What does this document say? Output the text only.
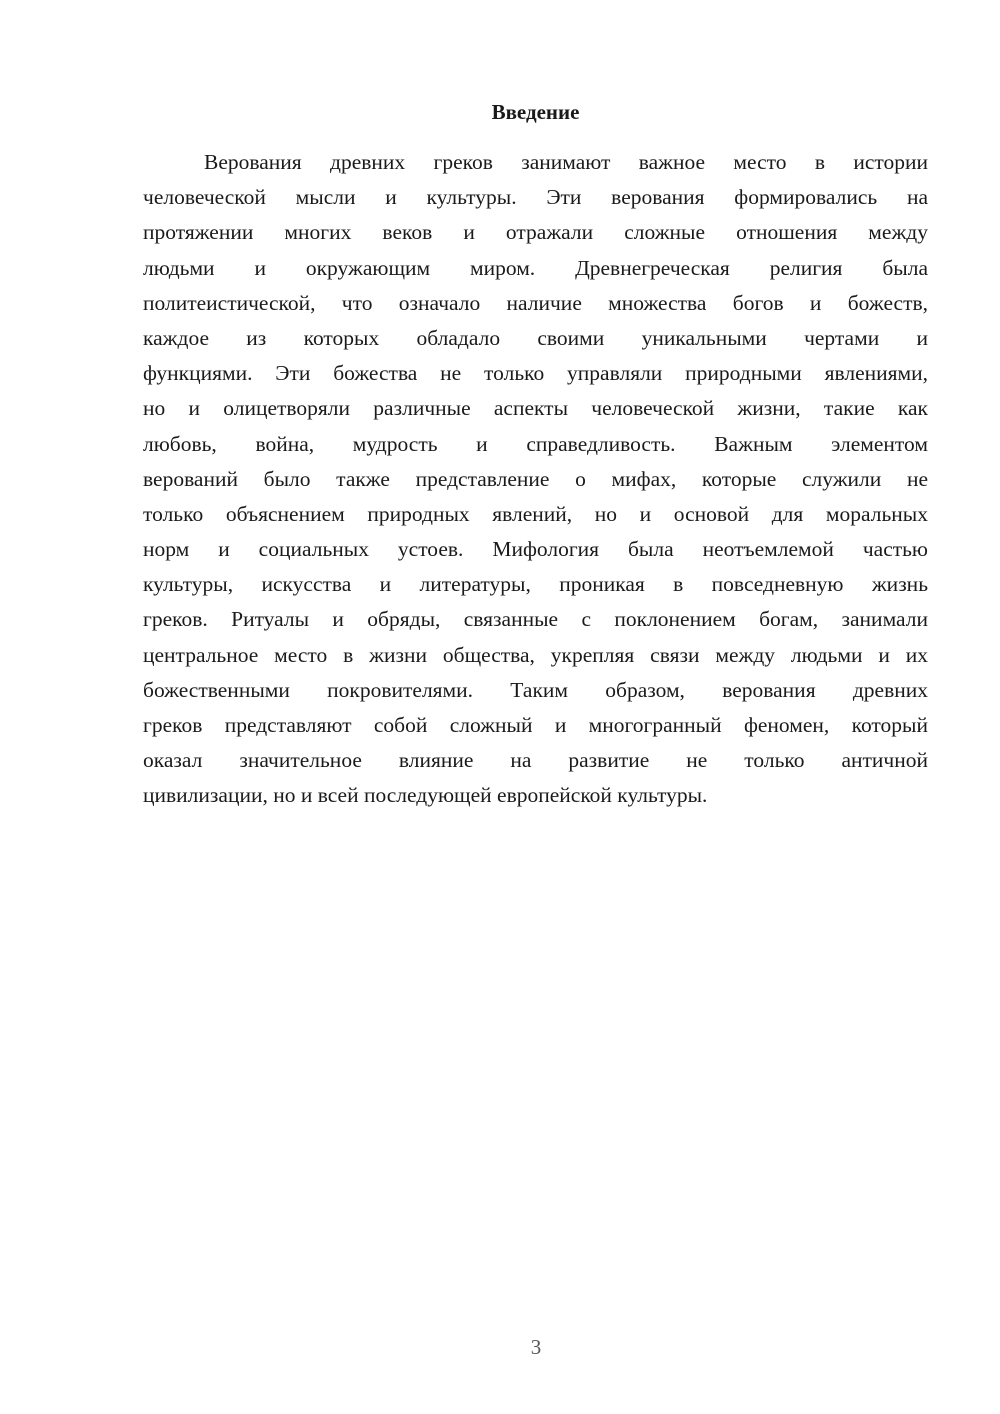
Введение
Верования древних греков занимают важное место в истории
человеческой мысли и культуры. Эти верования формировались на
протяжении многих веков и отражали сложные отношения между
людьми и окружающим миром. Древнегреческая религия была
политеистической, что означало наличие множества богов и божеств,
каждое из которых обладало своими уникальными чертами и
функциями. Эти божества не только управляли природными явлениями,
но и олицетворяли различные аспекты человеческой жизни, такие как
любовь, война, мудрость и справедливость. Важным элементом
верований было также представление о мифах, которые служили не
только объяснением природных явлений, но и основой для моральных
норм и социальных устоев. Мифология была неотъемлемой частью
культуры, искусства и литературы, проникая в повседневную жизнь
греков. Ритуалы и обряды, связанные с поклонением богам, занимали
центральное место в жизни общества, укрепляя связи между людьми и их
божественными покровителями. Таким образом, верования древних
греков представляют собой сложный и многогранный феномен, который
оказал значительное влияние на развитие не только античной
цивилизации, но и всей последующей европейской культуры.
3
